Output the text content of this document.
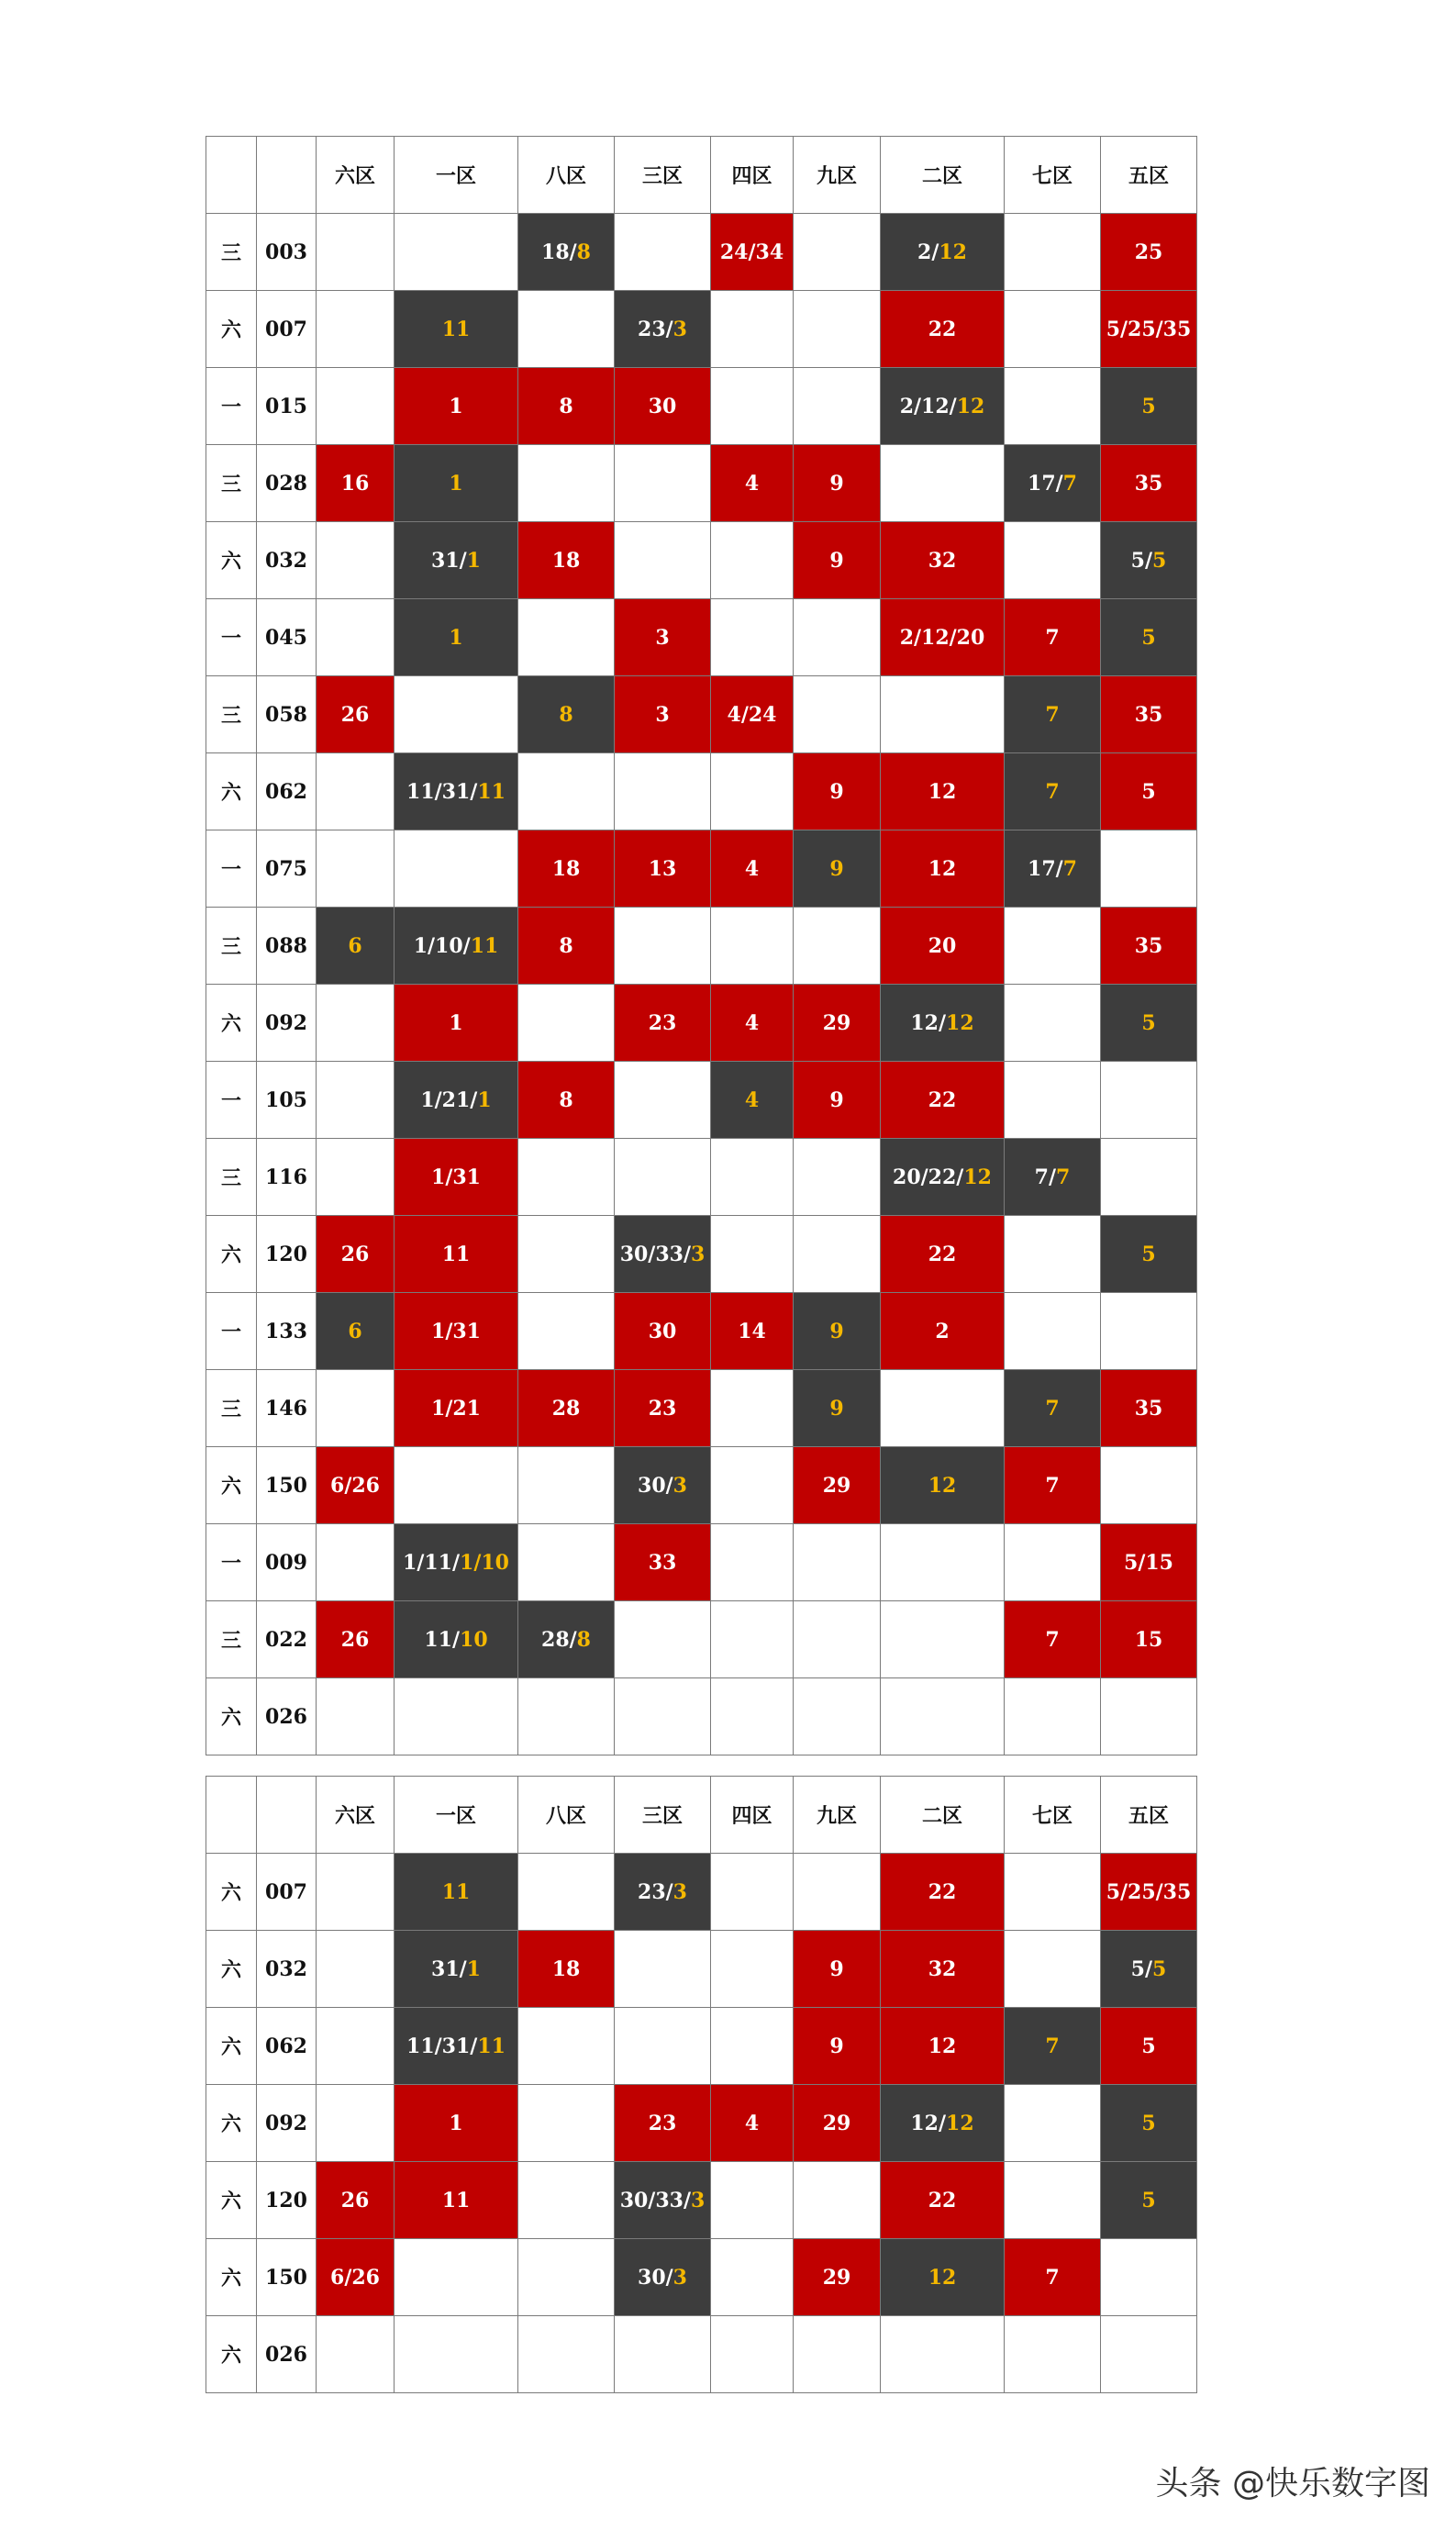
		六区	一区	八区	三区	四区	九区	二区	七区	五区
三	003			18/8		24/34		2/12		25
六	007		11		23/3			22		5/25/35
一	015		1	8	30			2/12/12		5
三	028	16	1			4	9		17/7	35
六	032		31/1	18			9	32		5/5
一	045		1		3			2/12/20	7	5
三	058	26		8	3	4/24			7	35
六	062		11/31/11				9	12	7	5
一	075			18	13	4	9	12	17/7	
三	088	6	1/10/11	8				20		35
六	092		1		23	4	29	12/12		5
一	105		1/21/1	8		4	9	22		
三	116		1/31					20/22/12	7/7	
六	120	26	11		30/33/3			22		5
一	133	6	1/31		30	14	9	2		
三	146		1/21	28	23		9		7	35
六	150	6/26			30/3		29	12	7	
一	009		1/11/1/10		33					5/15
三	022	26	11/10	28/8					7	15
六	026									
		六区	一区	八区	三区	四区	九区	二区	七区	五区
六	007		11		23/3			22		5/25/35
六	032		31/1	18			9	32		5/5
六	062		11/31/11				9	12	7	5
六	092		1		23	4	29	12/12		5
六	120	26	11		30/33/3			22		5
六	150	6/26			30/3		29	12	7	
六	026									
头条 @快乐数字图
